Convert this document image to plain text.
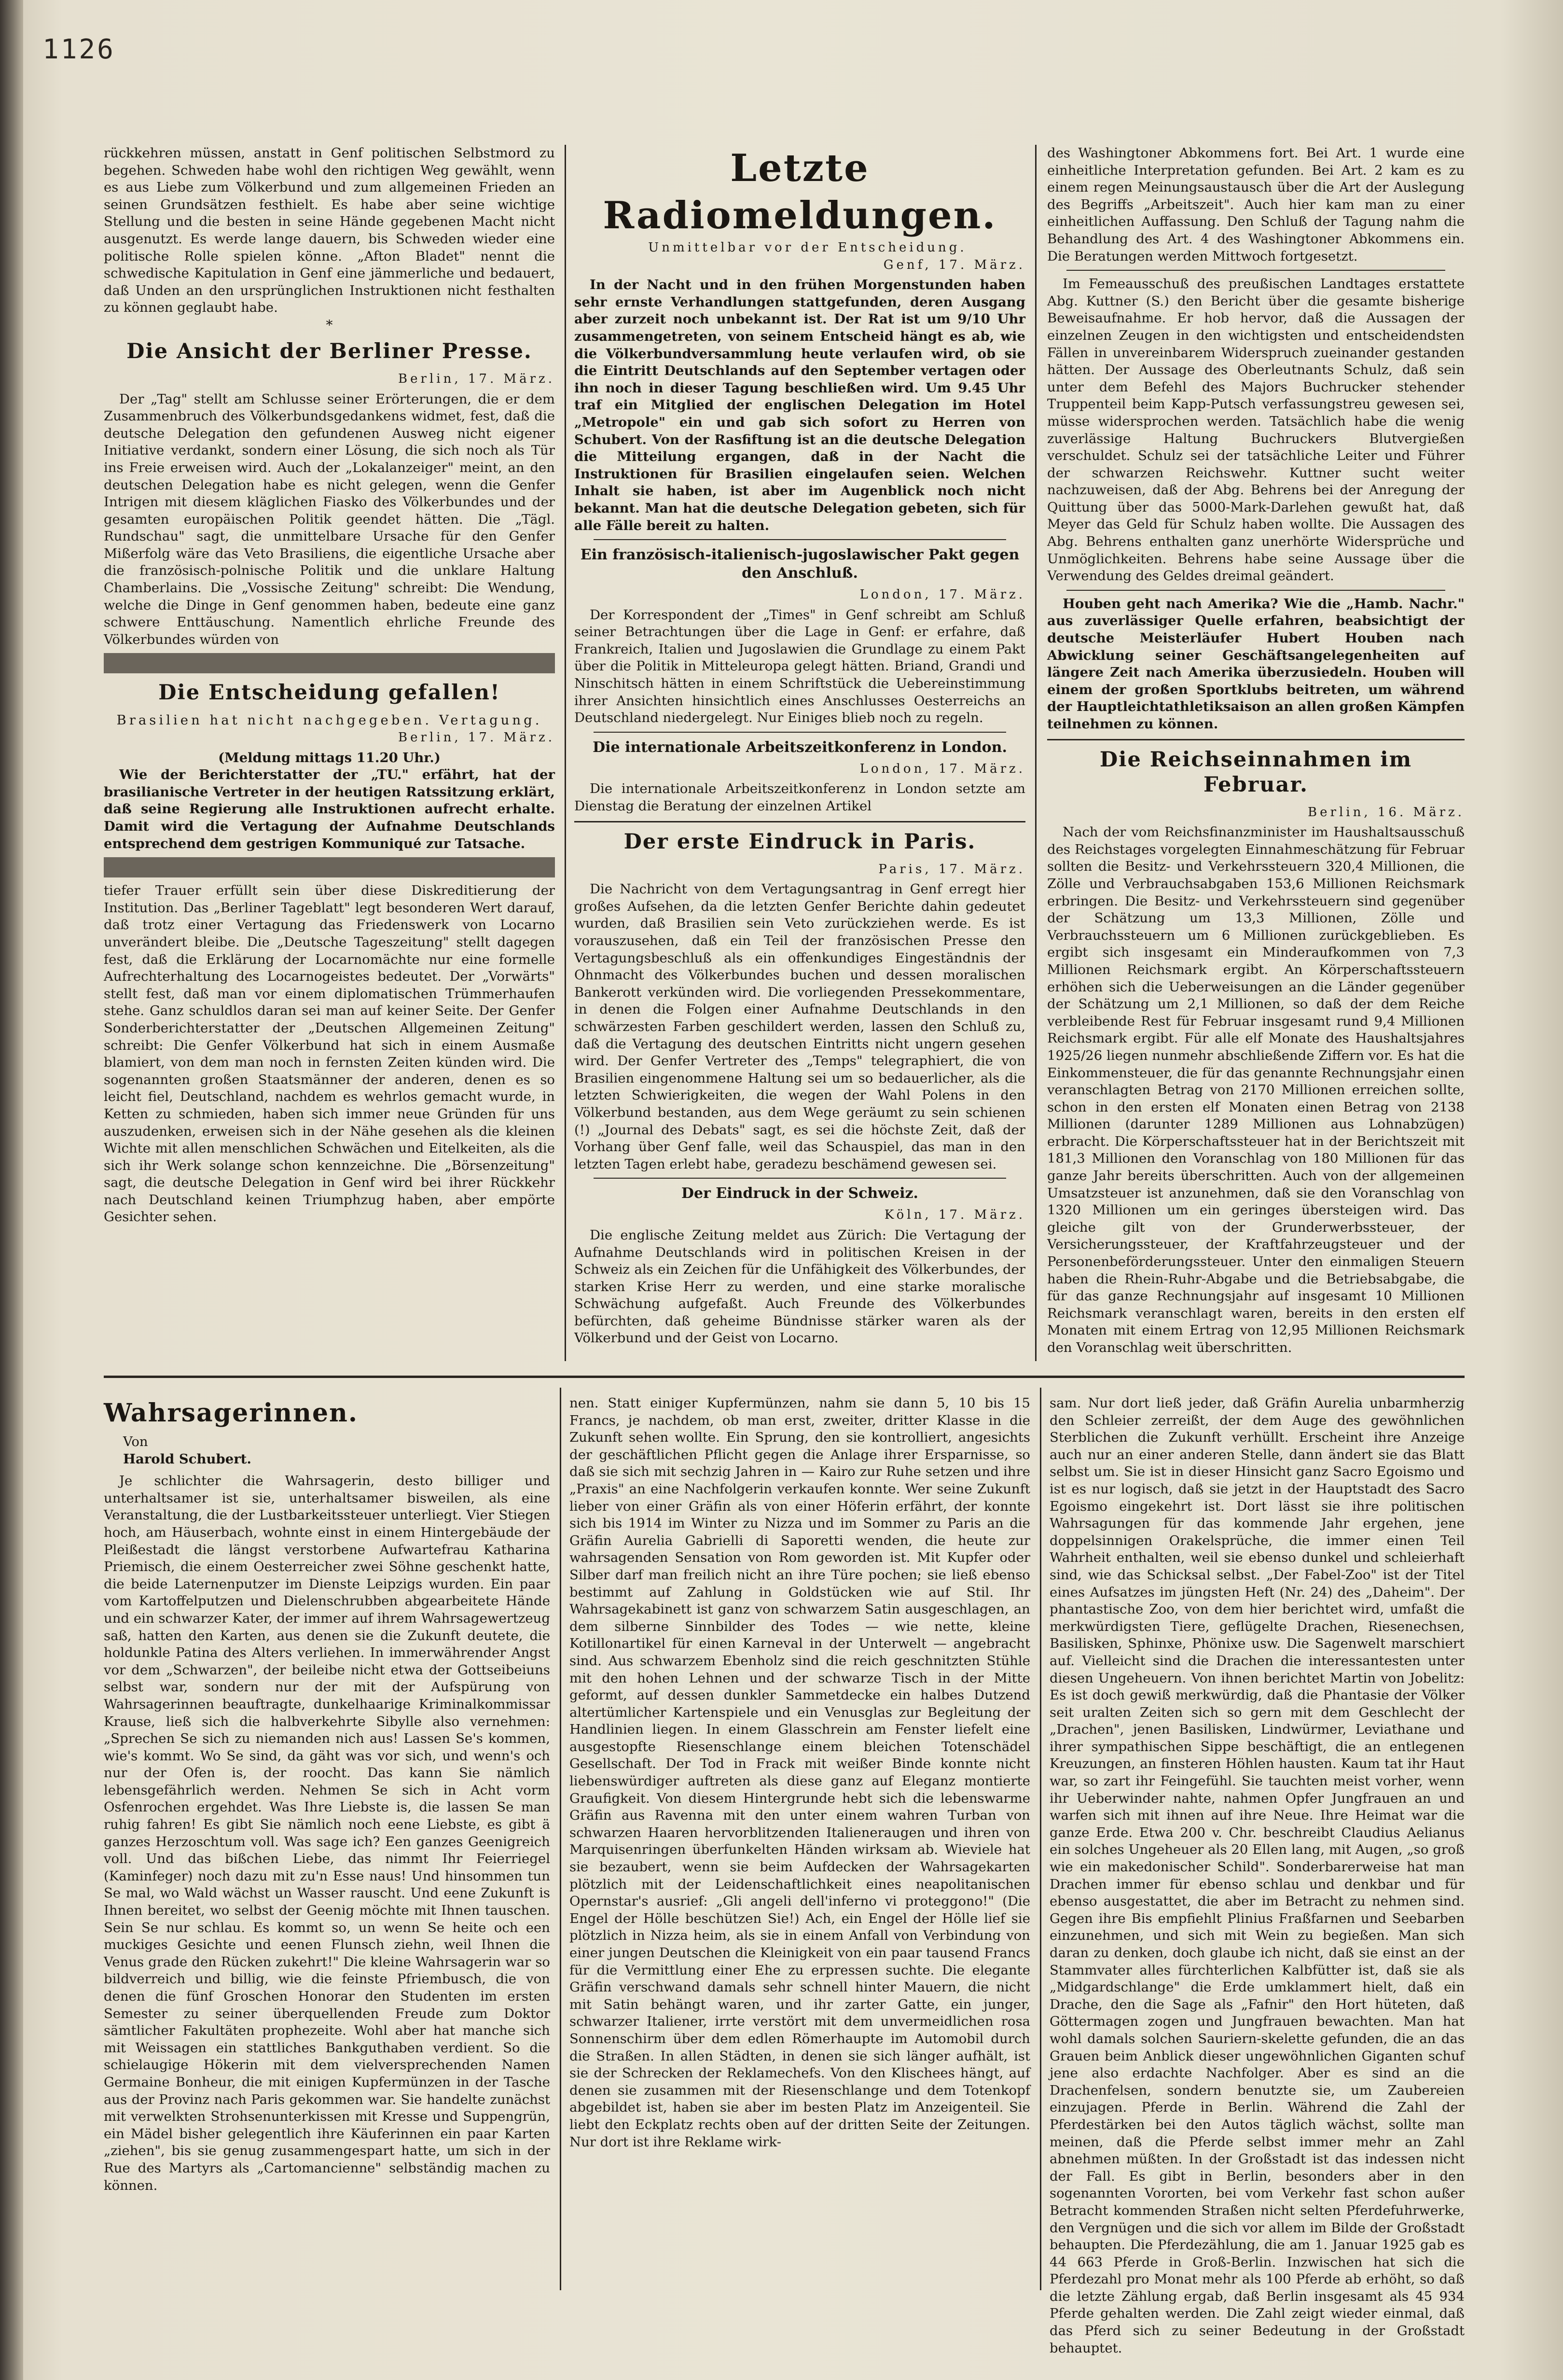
1126

rückkehren müssen, anstatt in Genf politischen Selbstmord zu begehen. Schweden habe wohl den richtigen Weg gewählt, wenn es aus Liebe zum Völkerbund und zum allgemeinen Frieden an seinen Grundsätzen festhielt. Es habe aber seine wichtige Stellung und die besten in seine Hände gegebenen Macht nicht ausgenutzt. Es werde lange dauern, bis Schweden wieder eine politische Rolle spielen könne. „Afton Bladet" nennt die schwedische Kapitulation in Genf eine jämmerliche und bedauert, daß Unden an den ursprünglichen Instruktionen nicht festhalten zu können geglaubt habe.

*
Die Ansicht der Berliner Presse.

Berlin, 17. März.

Der „Tag" stellt am Schlusse seiner Erörterungen, die er dem Zusammenbruch des Völkerbundsgedankens widmet, fest, daß die deutsche Delegation den gefundenen Ausweg nicht eigener Initiative verdankt, sondern einer Lösung, die sich noch als Tür ins Freie erweisen wird. Auch der „Lokalanzeiger" meint, an den deutschen Delegation habe es nicht gelegen, wenn die Genfer Intrigen mit diesem kläglichen Fiasko des Völkerbundes und der gesamten europäischen Politik geendet hätten. Die „Tägl. Rundschau" sagt, die unmittelbare Ursache für den Genfer Mißerfolg wäre das Veto Brasiliens, die eigentliche Ursache aber die französisch-polnische Politik und die unklare Haltung Chamberlains. Die „Vossische Zeitung" schreibt: Die Wendung, welche die Dinge in Genf genommen haben, bedeute eine ganz schwere Enttäuschung. Namentlich ehrliche Freunde des Völkerbundes würden von

Die Entscheidung gefallen!

Brasilien hat nicht nachgegeben. Vertagung.

Berlin, 17. März.

(Meldung mittags 11.20 Uhr.)

Wie der Berichterstatter der „TU." erfährt, hat der brasilianische Vertreter in der heutigen Ratssitzung erklärt, daß seine Regierung alle Instruktionen aufrecht erhalte. Damit wird die Vertagung der Aufnahme Deutschlands entsprechend dem gestrigen Kommuniqué zur Tatsache.

tiefer Trauer erfüllt sein über diese Diskreditierung der Institution. Das „Berliner Tageblatt" legt besonderen Wert darauf, daß trotz einer Vertagung das Friedenswerk von Locarno unverändert bleibe. Die „Deutsche Tageszeitung" stellt dagegen fest, daß die Erklärung der Locarnomächte nur eine formelle Aufrechterhaltung des Locarnogeistes bedeutet. Der „Vorwärts" stellt fest, daß man vor einem diplomatischen Trümmerhaufen stehe. Ganz schuldlos daran sei man auf keiner Seite. Der Genfer Sonderberichterstatter der „Deutschen Allgemeinen Zeitung" schreibt: Die Genfer Völkerbund hat sich in einem Ausmaße blamiert, von dem man noch in fernsten Zeiten künden wird. Die sogenannten großen Staatsmänner der anderen, denen es so leicht fiel, Deutschland, nachdem es wehrlos gemacht wurde, in Ketten zu schmieden, haben sich immer neue Gründen für uns auszudenken, erweisen sich in der Nähe gesehen als die kleinen Wichte mit allen menschlichen Schwächen und Eitelkeiten, als die sich ihr Werk solange schon kennzeichne. Die „Börsenzeitung" sagt, die deutsche Delegation in Genf wird bei ihrer Rückkehr nach Deutschland keinen Triumphzug haben, aber empörte Gesichter sehen.

Letzte Radiomeldungen.

Unmittelbar vor der Entscheidung.

Genf, 17. März.

In der Nacht und in den frühen Morgenstunden haben sehr ernste Verhandlungen stattgefunden, deren Ausgang aber zurzeit noch unbekannt ist. Der Rat ist um 9/10 Uhr zusammengetreten, von seinem Entscheid hängt es ab, wie die Völkerbundversammlung heute verlaufen wird, ob sie die Eintritt Deutschlands auf den September vertagen oder ihn noch in dieser Tagung beschließen wird. Um 9.45 Uhr traf ein Mitglied der englischen Delegation im Hotel „Metropole" ein und gab sich sofort zu Herren von Schubert. Von der Rasfiftung ist an die deutsche Delegation die Mitteilung ergangen, daß in der Nacht die Instruktionen für Brasilien eingelaufen seien. Welchen Inhalt sie haben, ist aber im Augenblick noch nicht bekannt. Man hat die deutsche Delegation gebeten, sich für alle Fälle bereit zu halten.

Ein französisch-italienisch-jugoslawischer Pakt gegen den Anschluß.

London, 17. März.

Der Korrespondent der „Times" in Genf schreibt am Schluß seiner Betrachtungen über die Lage in Genf: er erfahre, daß Frankreich, Italien und Jugoslawien die Grundlage zu einem Pakt über die Politik in Mitteleuropa gelegt hätten. Briand, Grandi und Ninschitsch hätten in einem Schriftstück die Uebereinstimmung ihrer Ansichten hinsichtlich eines Anschlusses Oesterreichs an Deutschland niedergelegt. Nur Einiges blieb noch zu regeln.

Die internationale Arbeitszeitkonferenz in London.

London, 17. März.

Die internationale Arbeitszeitkonferenz in London setzte am Dienstag die Beratung der einzelnen Artikel

Der erste Eindruck in Paris.

Paris, 17. März.

Die Nachricht von dem Vertagungsantrag in Genf erregt hier großes Aufsehen, da die letzten Genfer Berichte dahin gedeutet wurden, daß Brasilien sein Veto zurückziehen werde. Es ist vorauszusehen, daß ein Teil der französischen Presse den Vertagungsbeschluß als ein offenkundiges Eingeständnis der Ohnmacht des Völkerbundes buchen und dessen moralischen Bankerott verkünden wird. Die vorliegenden Pressekommentare, in denen die Folgen einer Aufnahme Deutschlands in den schwärzesten Farben geschildert werden, lassen den Schluß zu, daß die Vertagung des deutschen Eintritts nicht ungern gesehen wird. Der Genfer Vertreter des „Temps" telegraphiert, die von Brasilien eingenommene Haltung sei um so bedauerlicher, als die letzten Schwierigkeiten, die wegen der Wahl Polens in den Völkerbund bestanden, aus dem Wege geräumt zu sein schienen (!) „Journal des Debats" sagt, es sei die höchste Zeit, daß der Vorhang über Genf falle, weil das Schauspiel, das man in den letzten Tagen erlebt habe, geradezu beschämend gewesen sei.

Der Eindruck in der Schweiz.

Köln, 17. März.

Die englische Zeitung meldet aus Zürich: Die Vertagung der Aufnahme Deutschlands wird in politischen Kreisen in der Schweiz als ein Zeichen für die Unfähigkeit des Völkerbundes, der starken Krise Herr zu werden, und eine starke moralische Schwächung aufgefaßt. Auch Freunde des Völkerbundes befürchten, daß geheime Bündnisse stärker waren als der Völkerbund und der Geist von Locarno.

des Washingtoner Abkommens fort. Bei Art. 1 wurde eine einheitliche Interpretation gefunden. Bei Art. 2 kam es zu einem regen Meinungsaustausch über die Art der Auslegung des Begriffs „Arbeitszeit". Auch hier kam man zu einer einheitlichen Auffassung. Den Schluß der Tagung nahm die Behandlung des Art. 4 des Washingtoner Abkommens ein. Die Beratungen werden Mittwoch fortgesetzt.

Im Femeausschuß des preußischen Landtages erstattete Abg. Kuttner (S.) den Bericht über die gesamte bisherige Beweisaufnahme. Er hob hervor, daß die Aussagen der einzelnen Zeugen in den wichtigsten und entscheidendsten Fällen in unvereinbarem Widerspruch zueinander gestanden hätten. Der Aussage des Oberleutnants Schulz, daß sein unter dem Befehl des Majors Buchrucker stehender Truppenteil beim Kapp-Putsch verfassungstreu gewesen sei, müsse widersprochen werden. Tatsächlich habe die wenig zuverlässige Haltung Buchruckers Blutvergießen verschuldet. Schulz sei der tatsächliche Leiter und Führer der schwarzen Reichswehr. Kuttner sucht weiter nachzuweisen, daß der Abg. Behrens bei der Anregung der Quittung über das 5000-Mark-Darlehen gewußt hat, daß Meyer das Geld für Schulz haben wollte. Die Aussagen des Abg. Behrens enthalten ganz unerhörte Widersprüche und Unmöglichkeiten. Behrens habe seine Aussage über die Verwendung des Geldes dreimal geändert.

Houben geht nach Amerika? Wie die „Hamb. Nachr." aus zuverlässiger Quelle erfahren, beabsichtigt der deutsche Meisterläufer Hubert Houben nach Abwicklung seiner Geschäftsangelegenheiten auf längere Zeit nach Amerika überzusiedeln. Houben will einem der großen Sportklubs beitreten, um während der Hauptleichtathletiksaison an allen großen Kämpfen teilnehmen zu können.

Die Reichseinnahmen im Februar.

Berlin, 16. März.

Nach der vom Reichsfinanzminister im Haushaltsausschuß des Reichstages vorgelegten Einnahmeschätzung für Februar sollten die Besitz- und Verkehrssteuern 320,4 Millionen, die Zölle und Verbrauchsabgaben 153,6 Millionen Reichsmark erbringen. Die Besitz- und Verkehrssteuern sind gegenüber der Schätzung um 13,3 Millionen, Zölle und Verbrauchssteuern um 6 Millionen zurückgeblieben. Es ergibt sich insgesamt ein Minderaufkommen von 7,3 Millionen Reichsmark ergibt. An Körperschaftssteuern erhöhen sich die Ueberweisungen an die Länder gegenüber der Schätzung um 2,1 Millionen, so daß der dem Reiche verbleibende Rest für Februar insgesamt rund 9,4 Millionen Reichsmark ergibt. Für alle elf Monate des Haushaltsjahres 1925/26 liegen nunmehr abschließende Ziffern vor. Es hat die Einkommensteuer, die für das genannte Rechnungsjahr einen veranschlagten Betrag von 2170 Millionen erreichen sollte, schon in den ersten elf Monaten einen Betrag von 2138 Millionen (darunter 1289 Millionen aus Lohnabzügen) erbracht. Die Körperschaftssteuer hat in der Berichtszeit mit 181,3 Millionen den Voranschlag von 180 Millionen für das ganze Jahr bereits überschritten. Auch von der allgemeinen Umsatzsteuer ist anzunehmen, daß sie den Voranschlag von 1320 Millionen um ein geringes übersteigen wird. Das gleiche gilt von der Grunderwerbssteuer, der Versicherungssteuer, der Kraftfahrzeugsteuer und der Personenbeförderungssteuer. Unter den einmaligen Steuern haben die Rhein-Ruhr-Abgabe und die Betriebsabgabe, die für das ganze Rechnungsjahr auf insgesamt 10 Millionen Reichsmark veranschlagt waren, bereits in den ersten elf Monaten mit einem Ertrag von 12,95 Millionen Reichsmark den Voranschlag weit überschritten.

Wahrsagerinnen.

Von

Harold Schubert.

Je schlichter die Wahrsagerin, desto billiger und unterhaltsamer ist sie, unterhaltsamer bisweilen, als eine Veranstaltung, die der Lustbarkeitssteuer unterliegt. Vier Stiegen hoch, am Häuserbach, wohnte einst in einem Hintergebäude der Pleißestadt die längst verstorbene Aufwartefrau Katharina Priemisch, die einem Oesterreicher zwei Söhne geschenkt hatte, die beide Laternenputzer im Dienste Leipzigs wurden. Ein paar vom Kartoffelputzen und Dielenschrubben abgearbeitete Hände und ein schwarzer Kater, der immer auf ihrem Wahrsagewertzeug saß, hatten den Karten, aus denen sie die Zukunft deutete, die holdunkle Patina des Alters verliehen. In immerwährender Angst vor dem „Schwarzen", der beileibe nicht etwa der Gottseibeiuns selbst war, sondern nur der mit der Aufspürung von Wahrsagerinnen beauftragte, dunkelhaarige Kriminalkommissar Krause, ließ sich die halbverkehrte Sibylle also vernehmen: „Sprechen Se sich zu niemanden nich aus! Lassen Se's kommen, wie's kommt. Wo Se sind, da gäht was vor sich, und wenn's och nur der Ofen is, der roocht. Das kann Sie nämlich lebensgefährlich werden. Nehmen Se sich in Acht vorm Osfenrochen ergehdet. Was Ihre Liebste is, die lassen Se man ruhig fahren! Es gibt Sie nämlich noch eene Liebste, es gibt ä ganzes Herzoschtum voll. Was sage ich? Een ganzes Geenigreich voll. Und das bißchen Liebe, das nimmt Ihr Feierriegel (Kaminfeger) noch dazu mit zu'n Esse naus! Und hinsommen tun Se mal, wo Wald wächst un Wasser rauscht. Und eene Zukunft is Ihnen bereitet, wo selbst der Geenig möchte mit Ihnen tauschen. Sein Se nur schlau. Es kommt so, un wenn Se heite och een muckiges Gesichte und eenen Flunsch ziehn, weil Ihnen die Venus grade den Rücken zukehrt!" Die kleine Wahrsagerin war so bildverreich und billig, wie die feinste Pfriembusch, die von denen die fünf Groschen Honorar den Studenten im ersten Semester zu seiner überquellenden Freude zum Doktor sämtlicher Fakultäten prophezeite. Wohl aber hat manche sich mit Weissagen ein stattliches Bankguthaben verdient. So die schielaugige Hökerin mit dem vielversprechenden Namen Germaine Bonheur, die mit einigen Kupfermünzen in der Tasche aus der Provinz nach Paris gekommen war. Sie handelte zunächst mit verwelkten Strohsenunterkissen mit Kresse und Suppengrün, ein Mädel bisher gelegentlich ihre Käuferinnen ein paar Karten „ziehen", bis sie genug zusammengespart hatte, um sich in der Rue des Martyrs als „Cartomancienne" selbständig machen zu können.

nen. Statt einiger Kupfermünzen, nahm sie dann 5, 10 bis 15 Francs, je nachdem, ob man erst, zweiter, dritter Klasse in die Zukunft sehen wollte. Ein Sprung, den sie kontrolliert, angesichts der geschäftlichen Pflicht gegen die Anlage ihrer Ersparnisse, so daß sie sich mit sechzig Jahren in — Kairo zur Ruhe setzen und ihre „Praxis" an eine Nachfolgerin verkaufen konnte. Wer seine Zukunft lieber von einer Gräfin als von einer Höferin erfährt, der konnte sich bis 1914 im Winter zu Nizza und im Sommer zu Paris an die Gräfin Aurelia Gabrielli di Saporetti wenden, die heute zur wahrsagenden Sensation von Rom geworden ist. Mit Kupfer oder Silber darf man freilich nicht an ihre Türe pochen; sie ließ ebenso bestimmt auf Zahlung in Goldstücken wie auf Stil. Ihr Wahrsagekabinett ist ganz von schwarzem Satin ausgeschlagen, an dem silberne Sinnbilder des Todes — wie nette, kleine Kotillonartikel für einen Karneval in der Unterwelt — angebracht sind. Aus schwarzem Ebenholz sind die reich geschnitzten Stühle mit den hohen Lehnen und der schwarze Tisch in der Mitte geformt, auf dessen dunkler Sammetdecke ein halbes Dutzend altertümlicher Kartenspiele und ein Venusglas zur Begleitung der Handlinien liegen. In einem Glasschrein am Fenster liefelt eine ausgestopfte Riesenschlange einem bleichen Totenschädel Gesellschaft. Der Tod in Frack mit weißer Binde konnte nicht liebenswürdiger auftreten als diese ganz auf Eleganz montierte Graufigkeit. Von diesem Hintergrunde hebt sich die lebenswarme Gräfin aus Ravenna mit den unter einem wahren Turban von schwarzen Haaren hervorblitzenden Italieneraugen und ihren von Marquisenringen überfunkelten Händen wirksam ab. Wieviele hat sie bezaubert, wenn sie beim Aufdecken der Wahrsagekarten plötzlich mit der Leidenschaftlichkeit eines neapolitanischen Opernstar's ausrief: „Gli angeli dell'inferno vi proteggono!" (Die Engel der Hölle beschützen Sie!) Ach, ein Engel der Hölle lief sie plötzlich in Nizza heim, als sie in einem Anfall von Verbindung von einer jungen Deutschen die Kleinigkeit von ein paar tausend Francs für die Vermittlung einer Ehe zu erpressen suchte. Die elegante Gräfin verschwand damals sehr schnell hinter Mauern, die nicht mit Satin behängt waren, und ihr zarter Gatte, ein junger, schwarzer Italiener, irrte verstört mit dem unvermeidlichen rosa Sonnenschirm über dem edlen Römerhaupte im Automobil durch die Straßen. In allen Städten, in denen sie sich länger aufhält, ist sie der Schrecken der Reklamechefs. Von den Klischees hängt, auf denen sie zusammen mit der Riesenschlange und dem Totenkopf abgebildet ist, haben sie aber im besten Platz im Anzeigenteil. Sie liebt den Eckplatz rechts oben auf der dritten Seite der Zeitungen. Nur dort ist ihre Reklame wirk-

sam. Nur dort ließ jeder, daß Gräfin Aurelia unbarmherzig den Schleier zerreißt, der dem Auge des gewöhnlichen Sterblichen die Zukunft verhüllt. Erscheint ihre Anzeige auch nur an einer anderen Stelle, dann ändert sie das Blatt selbst um. Sie ist in dieser Hinsicht ganz Sacro Egoismo und ist es nur logisch, daß sie jetzt in der Hauptstadt des Sacro Egoismo eingekehrt ist. Dort lässt sie ihre politischen Wahrsagungen für das kommende Jahr ergehen, jene doppelsinnigen Orakelsprüche, die immer einen Teil Wahrheit enthalten, weil sie ebenso dunkel und schleierhaft sind, wie das Schicksal selbst. „Der Fabel-Zoo" ist der Titel eines Aufsatzes im jüngsten Heft (Nr. 24) des „Daheim". Der phantastische Zoo, von dem hier berichtet wird, umfaßt die merkwürdigsten Tiere, geflügelte Drachen, Riesenechsen, Basilisken, Sphinxe, Phönixe usw. Die Sagenwelt marschiert auf. Vielleicht sind die Drachen die interessantesten unter diesen Ungeheuern. Von ihnen berichtet Martin von Jobelitz: Es ist doch gewiß merkwürdig, daß die Phantasie der Völker seit uralten Zeiten sich so gern mit dem Geschlecht der „Drachen", jenen Basilisken, Lindwürmer, Leviathane und ihrer sympathischen Sippe beschäftigt, die an entlegenen Kreuzungen, an finsteren Höhlen hausten. Kaum tat ihr Haut war, so zart ihr Feingefühl. Sie tauchten meist vorher, wenn ihr Ueberwinder nahte, nahmen Opfer Jungfrauen an und warfen sich mit ihnen auf ihre Neue. Ihre Heimat war die ganze Erde. Etwa 200 v. Chr. beschreibt Claudius Aelianus ein solches Ungeheuer als 20 Ellen lang, mit Augen, „so groß wie ein makedonischer Schild". Sonderbarerweise hat man Drachen immer für ebenso schlau und denkbar und für ebenso ausgestattet, die aber im Betracht zu nehmen sind. Gegen ihre Bis empfiehlt Plinius Fraßfarnen und Seebarben einzunehmen, und sich mit Wein zu begießen. Man sich daran zu denken, doch glaube ich nicht, daß sie einst an der Stammvater alles fürchterlichen Kalbfütter ist, daß sie als „Midgardschlange" die Erde umklammert hielt, daß ein Drache, den die Sage als „Fafnir" den Hort hüteten, daß Göttermagen zogen und Jungfrauen bewachten. Man hat wohl damals solchen Sauriern-skelette gefunden, die an das Grauen beim Anblick dieser ungewöhnlichen Giganten schuf jene also erdachte Nachfolger. Aber es sind an die Drachenfelsen, sondern benutzte sie, um Zaubereien einzujagen. Pferde in Berlin. Während die Zahl der Pferdestärken bei den Autos täglich wächst, sollte man meinen, daß die Pferde selbst immer mehr an Zahl abnehmen müßten. In der Großstadt ist das indessen nicht der Fall. Es gibt in Berlin, besonders aber in den sogenannten Vororten, bei vom Verkehr fast schon außer Betracht kommenden Straßen nicht selten Pferdefuhrwerke, den Vergnügen und die sich vor allem im Bilde der Großstadt behaupten. Die Pferdezählung, die am 1. Januar 1925 gab es 44 663 Pferde in Groß-Berlin. Inzwischen hat sich die Pferdezahl pro Monat mehr als 100 Pferde ab erhöht, so daß die letzte Zählung ergab, daß Berlin insgesamt als 45 934 Pferde gehalten werden. Die Zahl zeigt wieder einmal, daß das Pferd sich zu seiner Bedeutung in der Großstadt behauptet.
